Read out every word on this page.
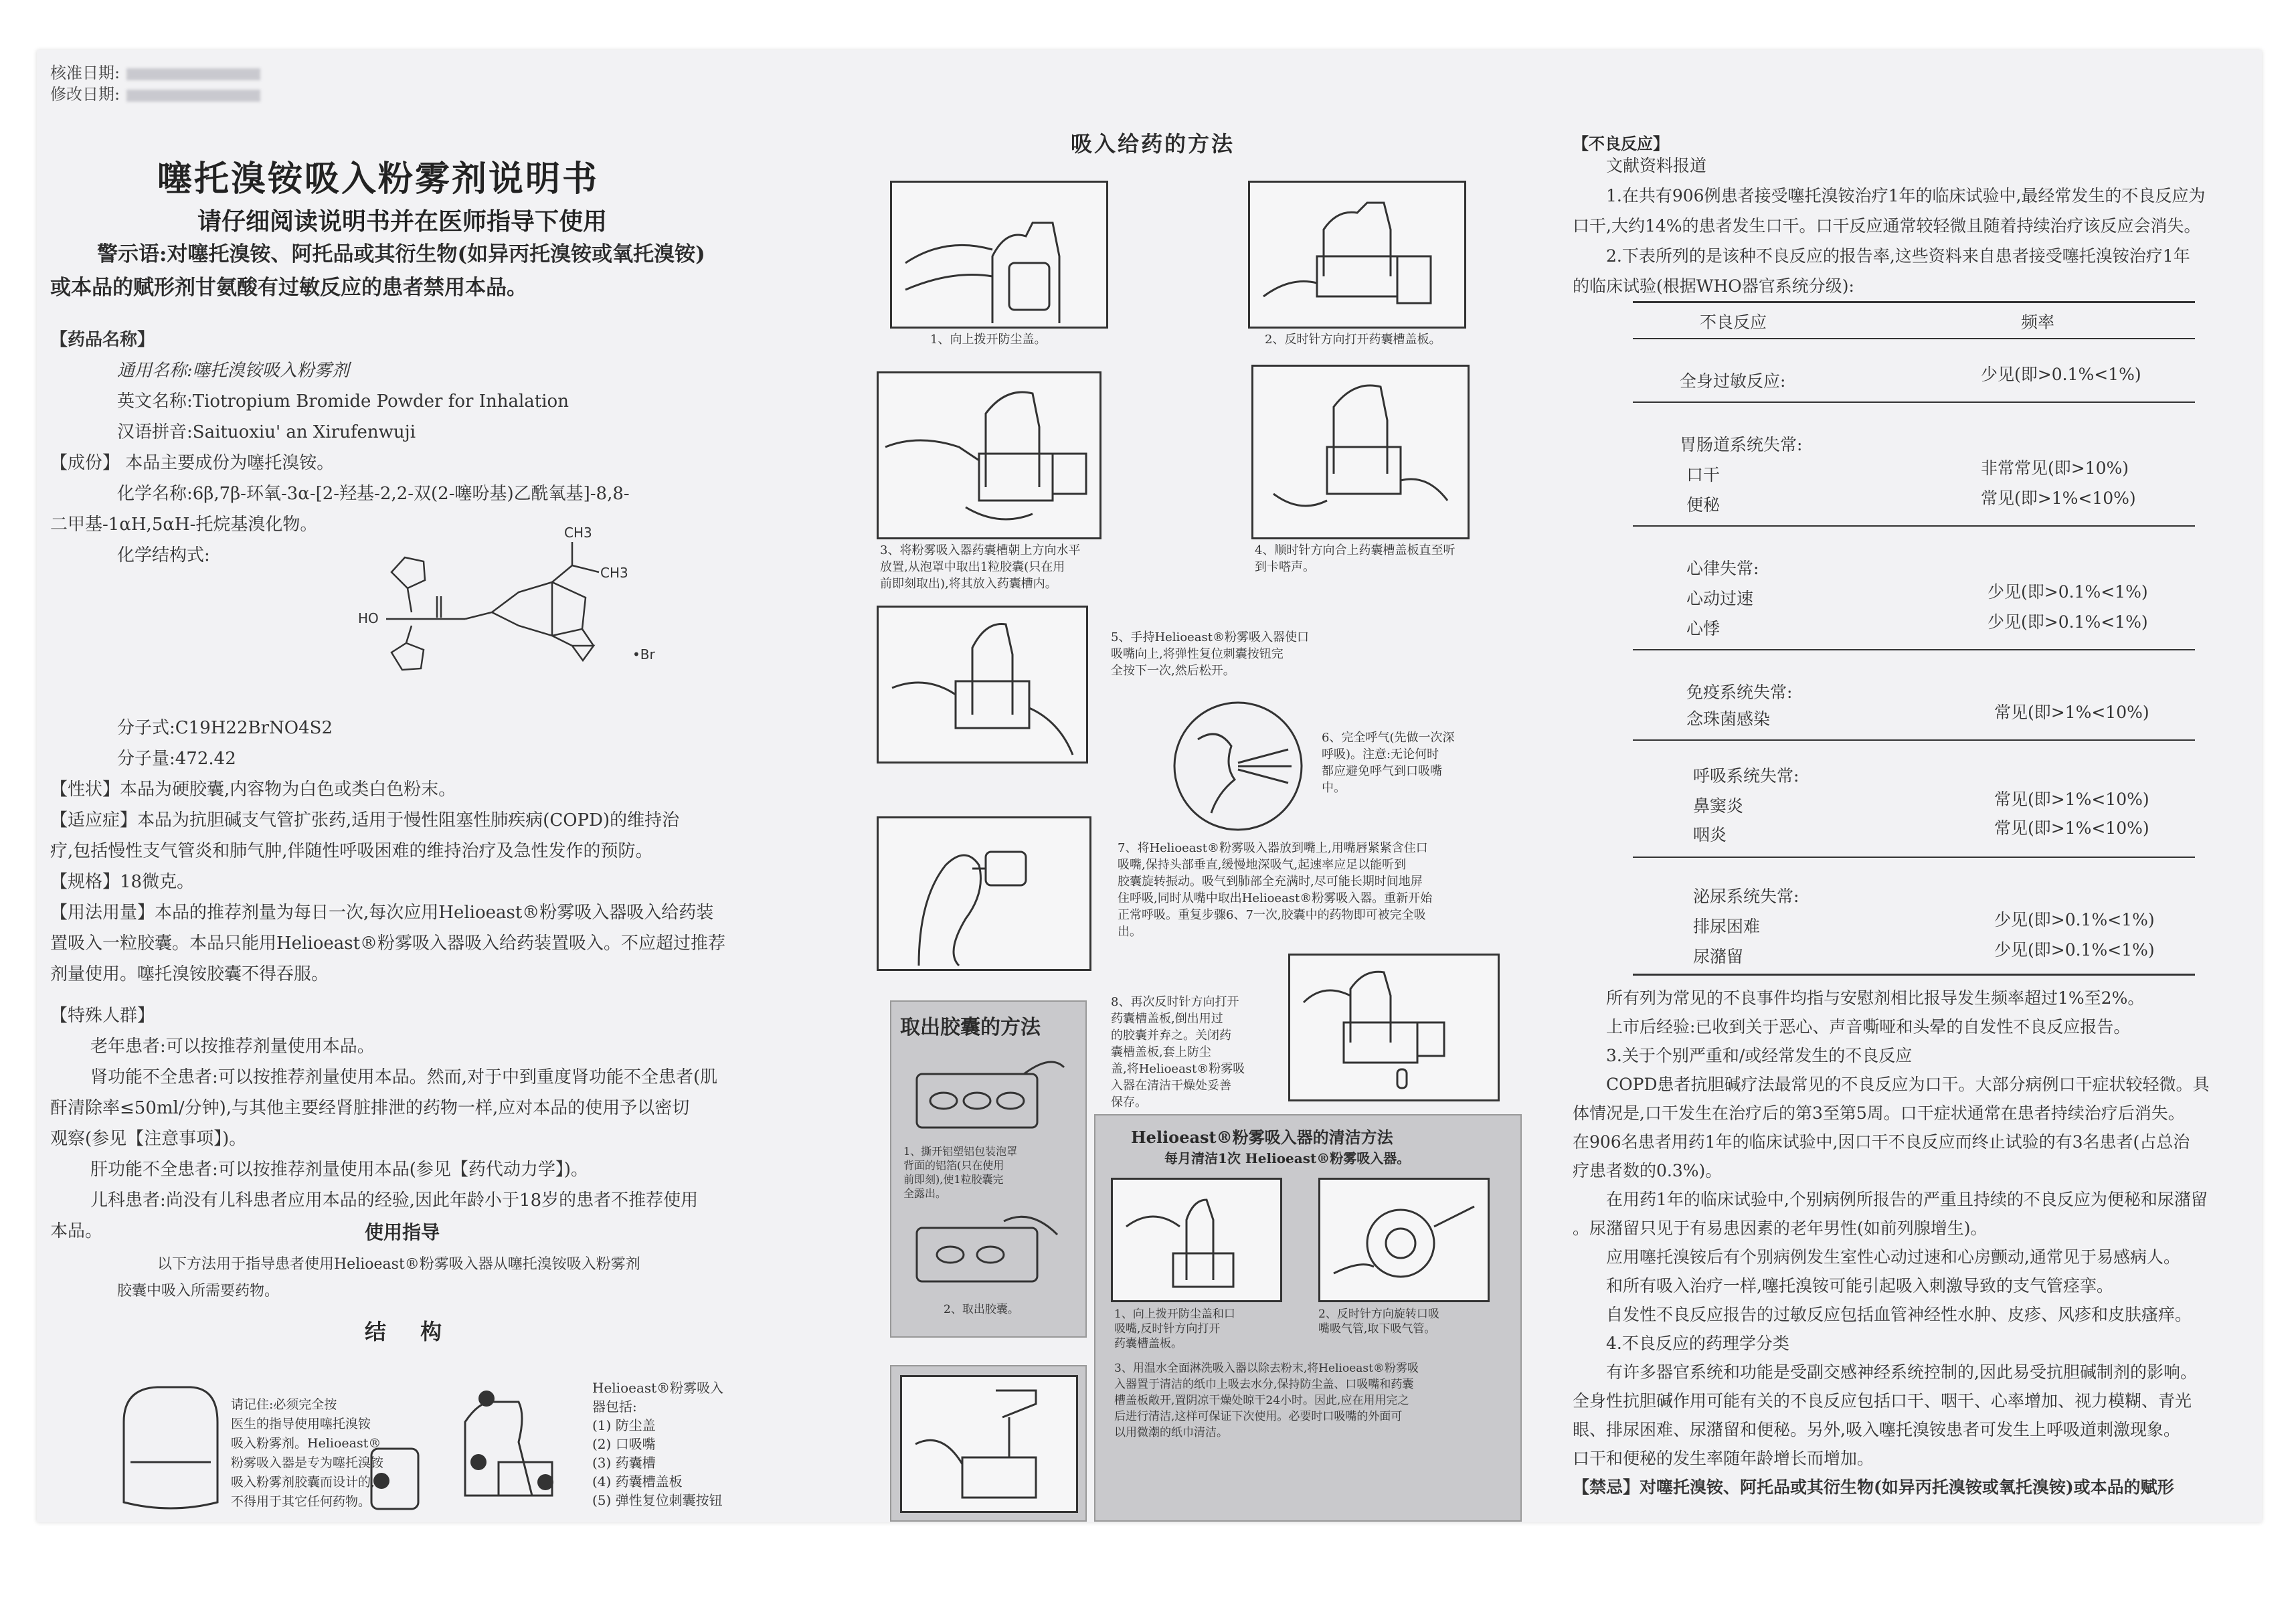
核准日期:
修改日期:
噻托溴铵吸入粉雾剂说明书
请仔细阅读说明书并在医师指导下使用
警示语:对噻托溴铵、阿托品或其衍生物(如异丙托溴铵或氧托溴铵)
或本品的赋形剂甘氨酸有过敏反应的患者禁用本品。
【药品名称】
通用名称:噻托溴铵吸入粉雾剂
英文名称:Tiotropium Bromide Powder for Inhalation
汉语拼音:Saituoxiu' an Xirufenwuji
【成份】 本品主要成份为噻托溴铵。
化学名称:6β,7β-环氧-3α-[2-羟基-2,2-双(2-噻吩基)乙酰氧基]-8,8-
二甲基-1αH,5αH-托烷基溴化物。
化学结构式:
CH3
CH3
HO
•Br
分子式:C19H22BrNO4S2
分子量:472.42
【性状】本品为硬胶囊,内容物为白色或类白色粉末。
【适应症】本品为抗胆碱支气管扩张药,适用于慢性阻塞性肺疾病(COPD)的维持治
疗,包括慢性支气管炎和肺气肿,伴随性呼吸困难的维持治疗及急性发作的预防。
【规格】18微克。
【用法用量】本品的推荐剂量为每日一次,每次应用Helioeast®粉雾吸入器吸入给药装
置吸入一粒胶囊。本品只能用Helioeast®粉雾吸入器吸入给药装置吸入。不应超过推荐
剂量使用。噻托溴铵胶囊不得吞服。
【特殊人群】
老年患者:可以按推荐剂量使用本品。
肾功能不全患者:可以按推荐剂量使用本品。然而,对于中到重度肾功能不全患者(肌
酐清除率≤50ml/分钟),与其他主要经肾脏排泄的药物一样,应对本品的使用予以密切
观察(参见【注意事项】)。
肝功能不全患者:可以按推荐剂量使用本品(参见【药代动力学】)。
儿科患者:尚没有儿科患者应用本品的经验,因此年龄小于18岁的患者不推荐使用
本品。	使用指导
以下方法用于指导患者使用Helioeast®粉雾吸入器从噻托溴铵吸入粉雾剂
胶囊中吸入所需要药物。
结 构
请记住:必须完全按
医生的指导使用噻托溴铵
吸入粉雾剂。Helioeast®
粉雾吸入器是专为噻托溴铵
吸入粉雾剂胶囊而设计的,
不得用于其它任何药物。
Helioeast®粉雾吸入
器包括:
(1) 防尘盖
(2) 口吸嘴
(3) 药囊槽
(4) 药囊槽盖板
(5) 弹性复位刺囊按钮
吸入给药的方法
1、向上拨开防尘盖。	2、反时针方向打开药囊槽盖板。
3、将粉雾吸入器药囊槽朝上方向水平
放置,从泡罩中取出1粒胶囊(只在用
前即刻取出),将其放入药囊槽内。
4、顺时针方向合上药囊槽盖板直至听
到卡嗒声。
5、手持Helioeast®粉雾吸入器使口
吸嘴向上,将弹性复位刺囊按钮完
全按下一次,然后松开。
6、完全呼气(先做一次深
呼吸)。注意:无论何时
都应避免呼气到口吸嘴
中。
7、将Helioeast®粉雾吸入器放到嘴上,用嘴唇紧紧含住口
吸嘴,保持头部垂直,缓慢地深吸气,起速率应足以能听到
胶囊旋转振动。吸气到肺部全充满时,尽可能长期时间地屏
住呼吸,同时从嘴中取出Helioeast®粉雾吸入器。重新开始
正常呼吸。重复步骤6、7一次,胶囊中的药物即可被完全吸
出。
8、再次反时针方向打开
药囊槽盖板,倒出用过
的胶囊并弃之。关闭药
囊槽盖板,套上防尘
盖,将Helioeast®粉雾吸
入器在清洁干燥处妥善
保存。
取出胶囊的方法
1、撕开铝塑铝包装泡罩
背面的铝箔(只在使用
前即刻),使1粒胶囊完
全露出。
2、取出胶囊。
Helioeast®粉雾吸入器的清洁方法
每月清洁1次 Helioeast®粉雾吸入器。
1、向上拨开防尘盖和口
吸嘴,反时针方向打开
药囊槽盖板。
2、反时针方向旋转口吸
嘴吸气管,取下吸气管。
3、用温水全面淋洗吸入器以除去粉末,将Helioeast®粉雾吸
入器置于清洁的纸巾上吸去水分,保持防尘盖、口吸嘴和药囊
槽盖板敞开,置阴凉干燥处晾干24小时。因此,应在用用完之
后进行清洁,这样可保证下次使用。必要时口吸嘴的外面可
以用微潮的纸巾清洁。
【不良反应】
文献资料报道
1.在共有906例患者接受噻托溴铵治疗1年的临床试验中,最经常发生的不良反应为
口干,大约14%的患者发生口干。口干反应通常较轻微且随着持续治疗该反应会消失。
2.下表所列的是该种不良反应的报告率,这些资料来自患者接受噻托溴铵治疗1年
的临床试验(根据WHO器官系统分级):
不良反应	频率
全身过敏反应:	少见(即>0.1%<1%)
胃肠道系统失常:
口干	非常常见(即>10%)
便秘	常见(即>1%<10%)
心律失常:
心动过速	少见(即>0.1%<1%)
心悸	少见(即>0.1%<1%)
免疫系统失常:
念珠菌感染	常见(即>1%<10%)
呼吸系统失常:
鼻窦炎	常见(即>1%<10%)
咽炎	常见(即>1%<10%)
泌尿系统失常:
排尿困难	少见(即>0.1%<1%)
尿潴留	少见(即>0.1%<1%)
所有列为常见的不良事件均指与安慰剂相比报导发生频率超过1%至2%。
上市后经验:已收到关于恶心、声音嘶哑和头晕的自发性不良反应报告。
3.关于个别严重和/或经常发生的不良反应
COPD患者抗胆碱疗法最常见的不良反应为口干。大部分病例口干症状较轻微。具
体情况是,口干发生在治疗后的第3至第5周。口干症状通常在患者持续治疗后消失。
在906名患者用药1年的临床试验中,因口干不良反应而终止试验的有3名患者(占总治
疗患者数的0.3%)。
在用药1年的临床试验中,个别病例所报告的严重且持续的不良反应为便秘和尿潴留
。尿潴留只见于有易患因素的老年男性(如前列腺增生)。
应用噻托溴铵后有个别病例发生室性心动过速和心房颤动,通常见于易感病人。
和所有吸入治疗一样,噻托溴铵可能引起吸入刺激导致的支气管痉挛。
自发性不良反应报告的过敏反应包括血管神经性水肿、皮疹、风疹和皮肤瘙痒。
4.不良反应的药理学分类
有许多器官系统和功能是受副交感神经系统控制的,因此易受抗胆碱制剂的影响。
全身性抗胆碱作用可能有关的不良反应包括口干、咽干、心率增加、视力模糊、青光
眼、排尿困难、尿潴留和便秘。另外,吸入噻托溴铵患者可发生上呼吸道刺激现象。
口干和便秘的发生率随年龄增长而增加。
【禁忌】对噻托溴铵、阿托品或其衍生物(如异丙托溴铵或氧托溴铵)或本品的赋形
